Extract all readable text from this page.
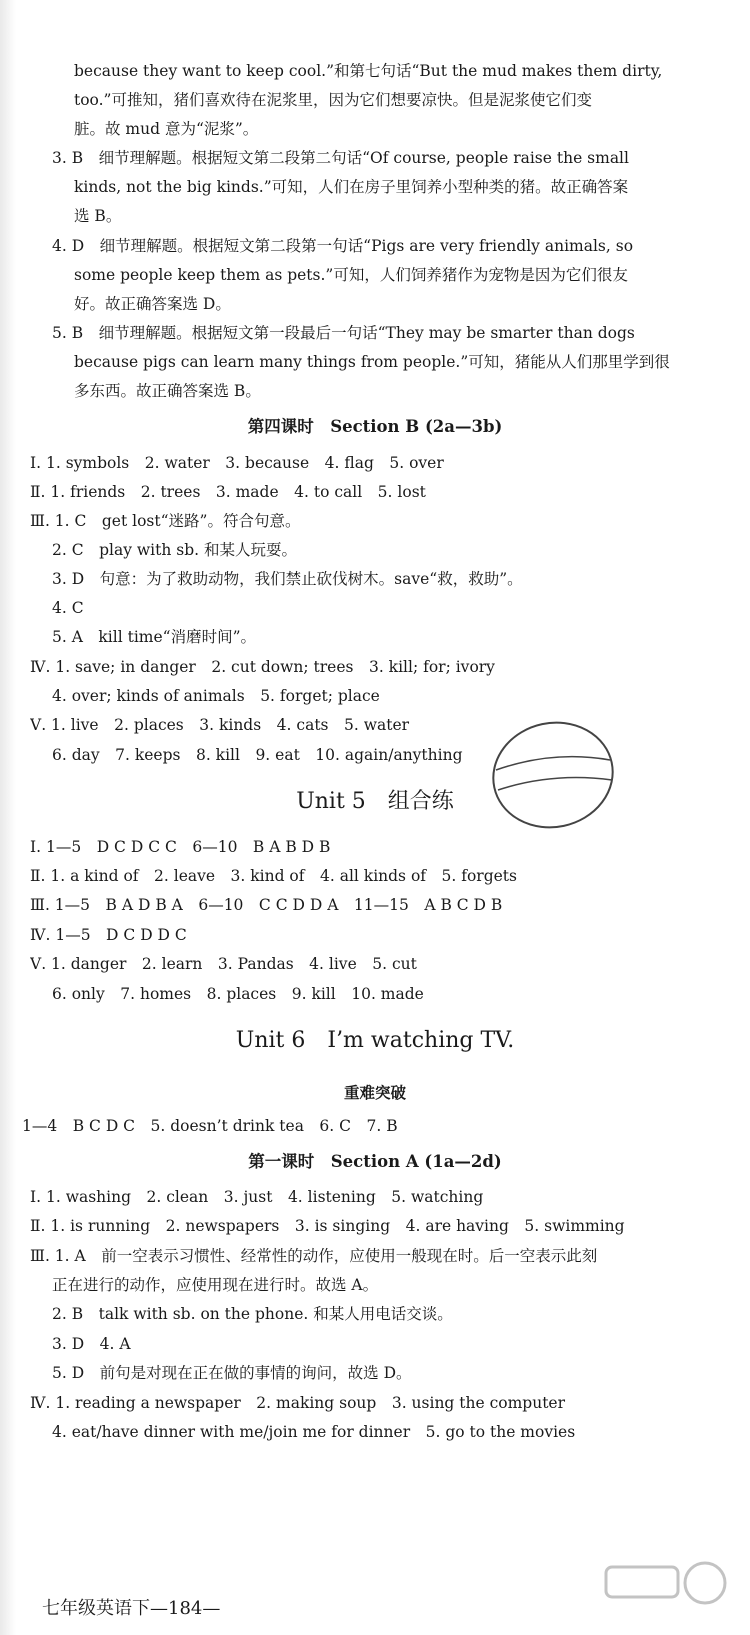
because they want to keep cool.”和第七句话“But the mud makes them dirty,
too.”可推知，猪们喜欢待在泥浆里，因为它们想要凉快。但是泥浆使它们变
脏。故 mud 意为“泥浆”。
3. B　细节理解题。根据短文第二段第二句话“Of course, people raise the small
kinds, not the big kinds.”可知，人们在房子里饲养小型种类的猪。故正确答案
选 B。
4. D　细节理解题。根据短文第二段第一句话“Pigs are very friendly animals, so
some people keep them as pets.”可知，人们饲养猪作为宠物是因为它们很友
好。故正确答案选 D。
5. B　细节理解题。根据短文第一段最后一句话“They may be smarter than dogs
because pigs can learn many things from people.”可知，猪能从人们那里学到很
多东西。故正确答案选 B。
第四课时　Section B (2a—3b)
Ⅰ. 1. symbols　2. water　3. because　4. flag　5. over
Ⅱ. 1. friends　2. trees　3. made　4. to call　5. lost
Ⅲ. 1. C　get lost“迷路”。符合句意。
2. C　play with sb. 和某人玩耍。
3. D　句意：为了救助动物，我们禁止砍伐树木。save“救，救助”。
4. C
5. A　kill time“消磨时间”。
Ⅳ. 1. save; in danger　2. cut down; trees　3. kill; for; ivory
4. over; kinds of animals　5. forget; place
Ⅴ. 1. live　2. places　3. kinds　4. cats　5. water
6. day　7. keeps　8. kill　9. eat　10. again/anything
Unit 5　组合练
Ⅰ. 1—5　D C D C C　6—10　B A B D B
Ⅱ. 1. a kind of　2. leave　3. kind of　4. all kinds of　5. forgets
Ⅲ. 1—5　B A D B A　6—10　C C D D A　11—15　A B C D B
Ⅳ. 1—5　D C D D C
Ⅴ. 1. danger　2. learn　3. Pandas　4. live　5. cut
6. only　7. homes　8. places　9. kill　10. made
Unit 6　I’m watching TV.
重难突破
1—4　B C D C　5. doesn’t drink tea　6. C　7. B
第一课时　Section A (1a—2d)
Ⅰ. 1. washing　2. clean　3. just　4. listening　5. watching
Ⅱ. 1. is running　2. newspapers　3. is singing　4. are having　5. swimming
Ⅲ. 1. A　前一空表示习惯性、经常性的动作，应使用一般现在时。后一空表示此刻
正在进行的动作，应使用现在进行时。故选 A。
2. B　talk with sb. on the phone. 和某人用电话交谈。
3. D　4. A
5. D　前句是对现在正在做的事情的询问，故选 D。
Ⅳ. 1. reading a newspaper　2. making soup　3. using the computer
4. eat/have dinner with me/join me for dinner　5. go to the movies
七年级英语下—184—
